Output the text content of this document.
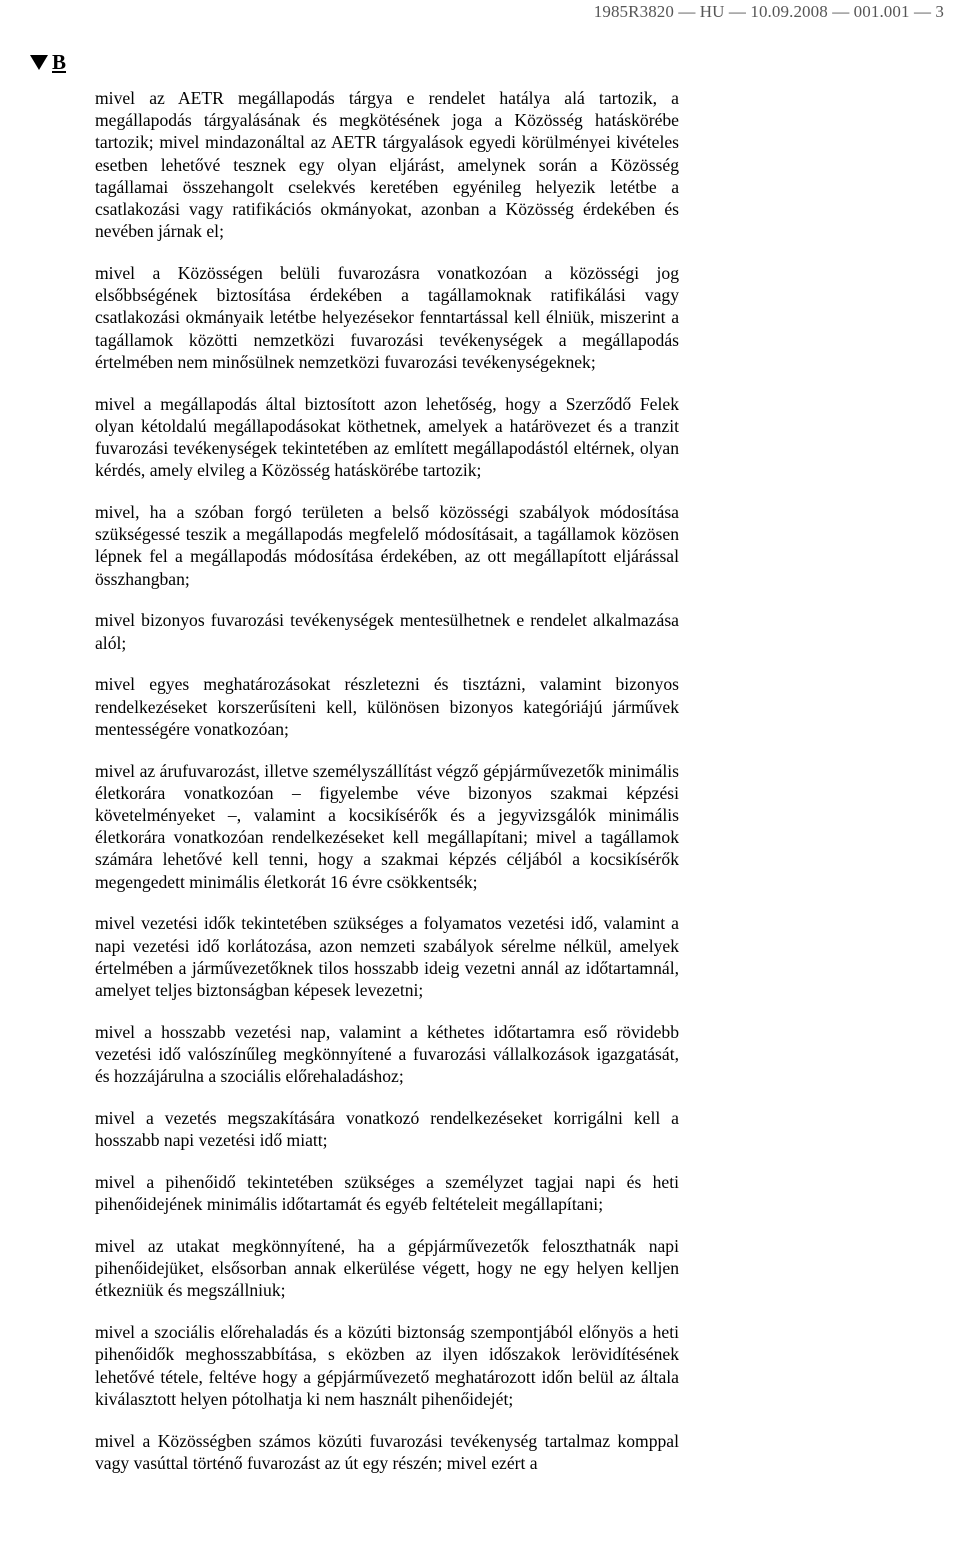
1985R3820 — HU — 10.09.2008 — 001.001 — 3
B

mivel az AETR megállapodás tárgya e rendelet hatálya alá tartozik, a megállapodás tárgyalásának és megkötésének joga a Közösség hatáskörébe tartozik; mivel mindazonáltal az AETR tárgyalások egyedi körülményei kivételes esetben lehetővé tesznek egy olyan eljárást, amelynek során a Közösség tagállamai összehangolt cselekvés keretében egyénileg helyezik letétbe a csatlakozási vagy ratifikációs okmányokat, azonban a Közösség érdekében és nevében járnak el;

mivel a Közösségen belüli fuvarozásra vonatkozóan a közösségi jog elsőbbségének biztosítása érdekében a tagállamoknak ratifikálási vagy csatlakozási okmányaik letétbe helyezésekor fenntartással kell élniük, miszerint a tagállamok közötti nemzetközi fuvarozási tevékenységek a megállapodás értelmében nem minősülnek nemzetközi fuvarozási tevékenységeknek;

mivel a megállapodás által biztosított azon lehetőség, hogy a Szerződő Felek olyan kétoldalú megállapodásokat köthetnek, amelyek a határövezet és a tranzit fuvarozási tevékenységek tekintetében az említett megállapodástól eltérnek, olyan kérdés, amely elvileg a Közösség hatáskörébe tartozik;

mivel, ha a szóban forgó területen a belső közösségi szabályok módosítása szükségessé teszik a megállapodás megfelelő módosításait, a tagállamok közösen lépnek fel a megállapodás módosítása érdekében, az ott megállapított eljárással összhangban;

mivel bizonyos fuvarozási tevékenységek mentesülhetnek e rendelet alkalmazása alól;

mivel egyes meghatározásokat részletezni és tisztázni, valamint bizonyos rendelkezéseket korszerűsíteni kell, különösen bizonyos kategóriájú járművek mentességére vonatkozóan;

mivel az árufuvarozást, illetve személyszállítást végző gépjárművezetők minimális életkorára vonatkozóan – figyelembe véve bizonyos szakmai képzési követelményeket –, valamint a kocsikísérők és a jegyvizsgálók minimális életkorára vonatkozóan rendelkezéseket kell megállapítani; mivel a tagállamok számára lehetővé kell tenni, hogy a szakmai képzés céljából a kocsikísérők megengedett minimális életkorát 16 évre csökkentsék;

mivel vezetési idők tekintetében szükséges a folyamatos vezetési idő, valamint a napi vezetési idő korlátozása, azon nemzeti szabályok sérelme nélkül, amelyek értelmében a járművezetőknek tilos hosszabb ideig vezetni annál az időtartamnál, amelyet teljes biztonságban képesek levezetni;

mivel a hosszabb vezetési nap, valamint a kéthetes időtartamra eső rövidebb vezetési idő valószínűleg megkönnyítené a fuvarozási vállalkozások igazgatását, és hozzájárulna a szociális előrehaladáshoz;

mivel a vezetés megszakítására vonatkozó rendelkezéseket korrigálni kell a hosszabb napi vezetési idő miatt;

mivel a pihenőidő tekintetében szükséges a személyzet tagjai napi és heti pihenőidejének minimális időtartamát és egyéb feltételeit megállapítani;

mivel az utakat megkönnyítené, ha a gépjárművezetők feloszthatnák napi pihenőidejüket, elsősorban annak elkerülése végett, hogy ne egy helyen kelljen étkezniük és megszállniuk;

mivel a szociális előrehaladás és a közúti biztonság szempontjából előnyös a heti pihenőidők meghosszabbítása, s eközben az ilyen időszakok lerövidítésének lehetővé tétele, feltéve hogy a gépjárművezető meghatározott időn belül az általa kiválasztott helyen pótolhatja ki nem használt pihenőidejét;

mivel a Közösségben számos közúti fuvarozási tevékenység tartalmaz komppal vagy vasúttal történő fuvarozást az út egy részén; mivel ezért a
